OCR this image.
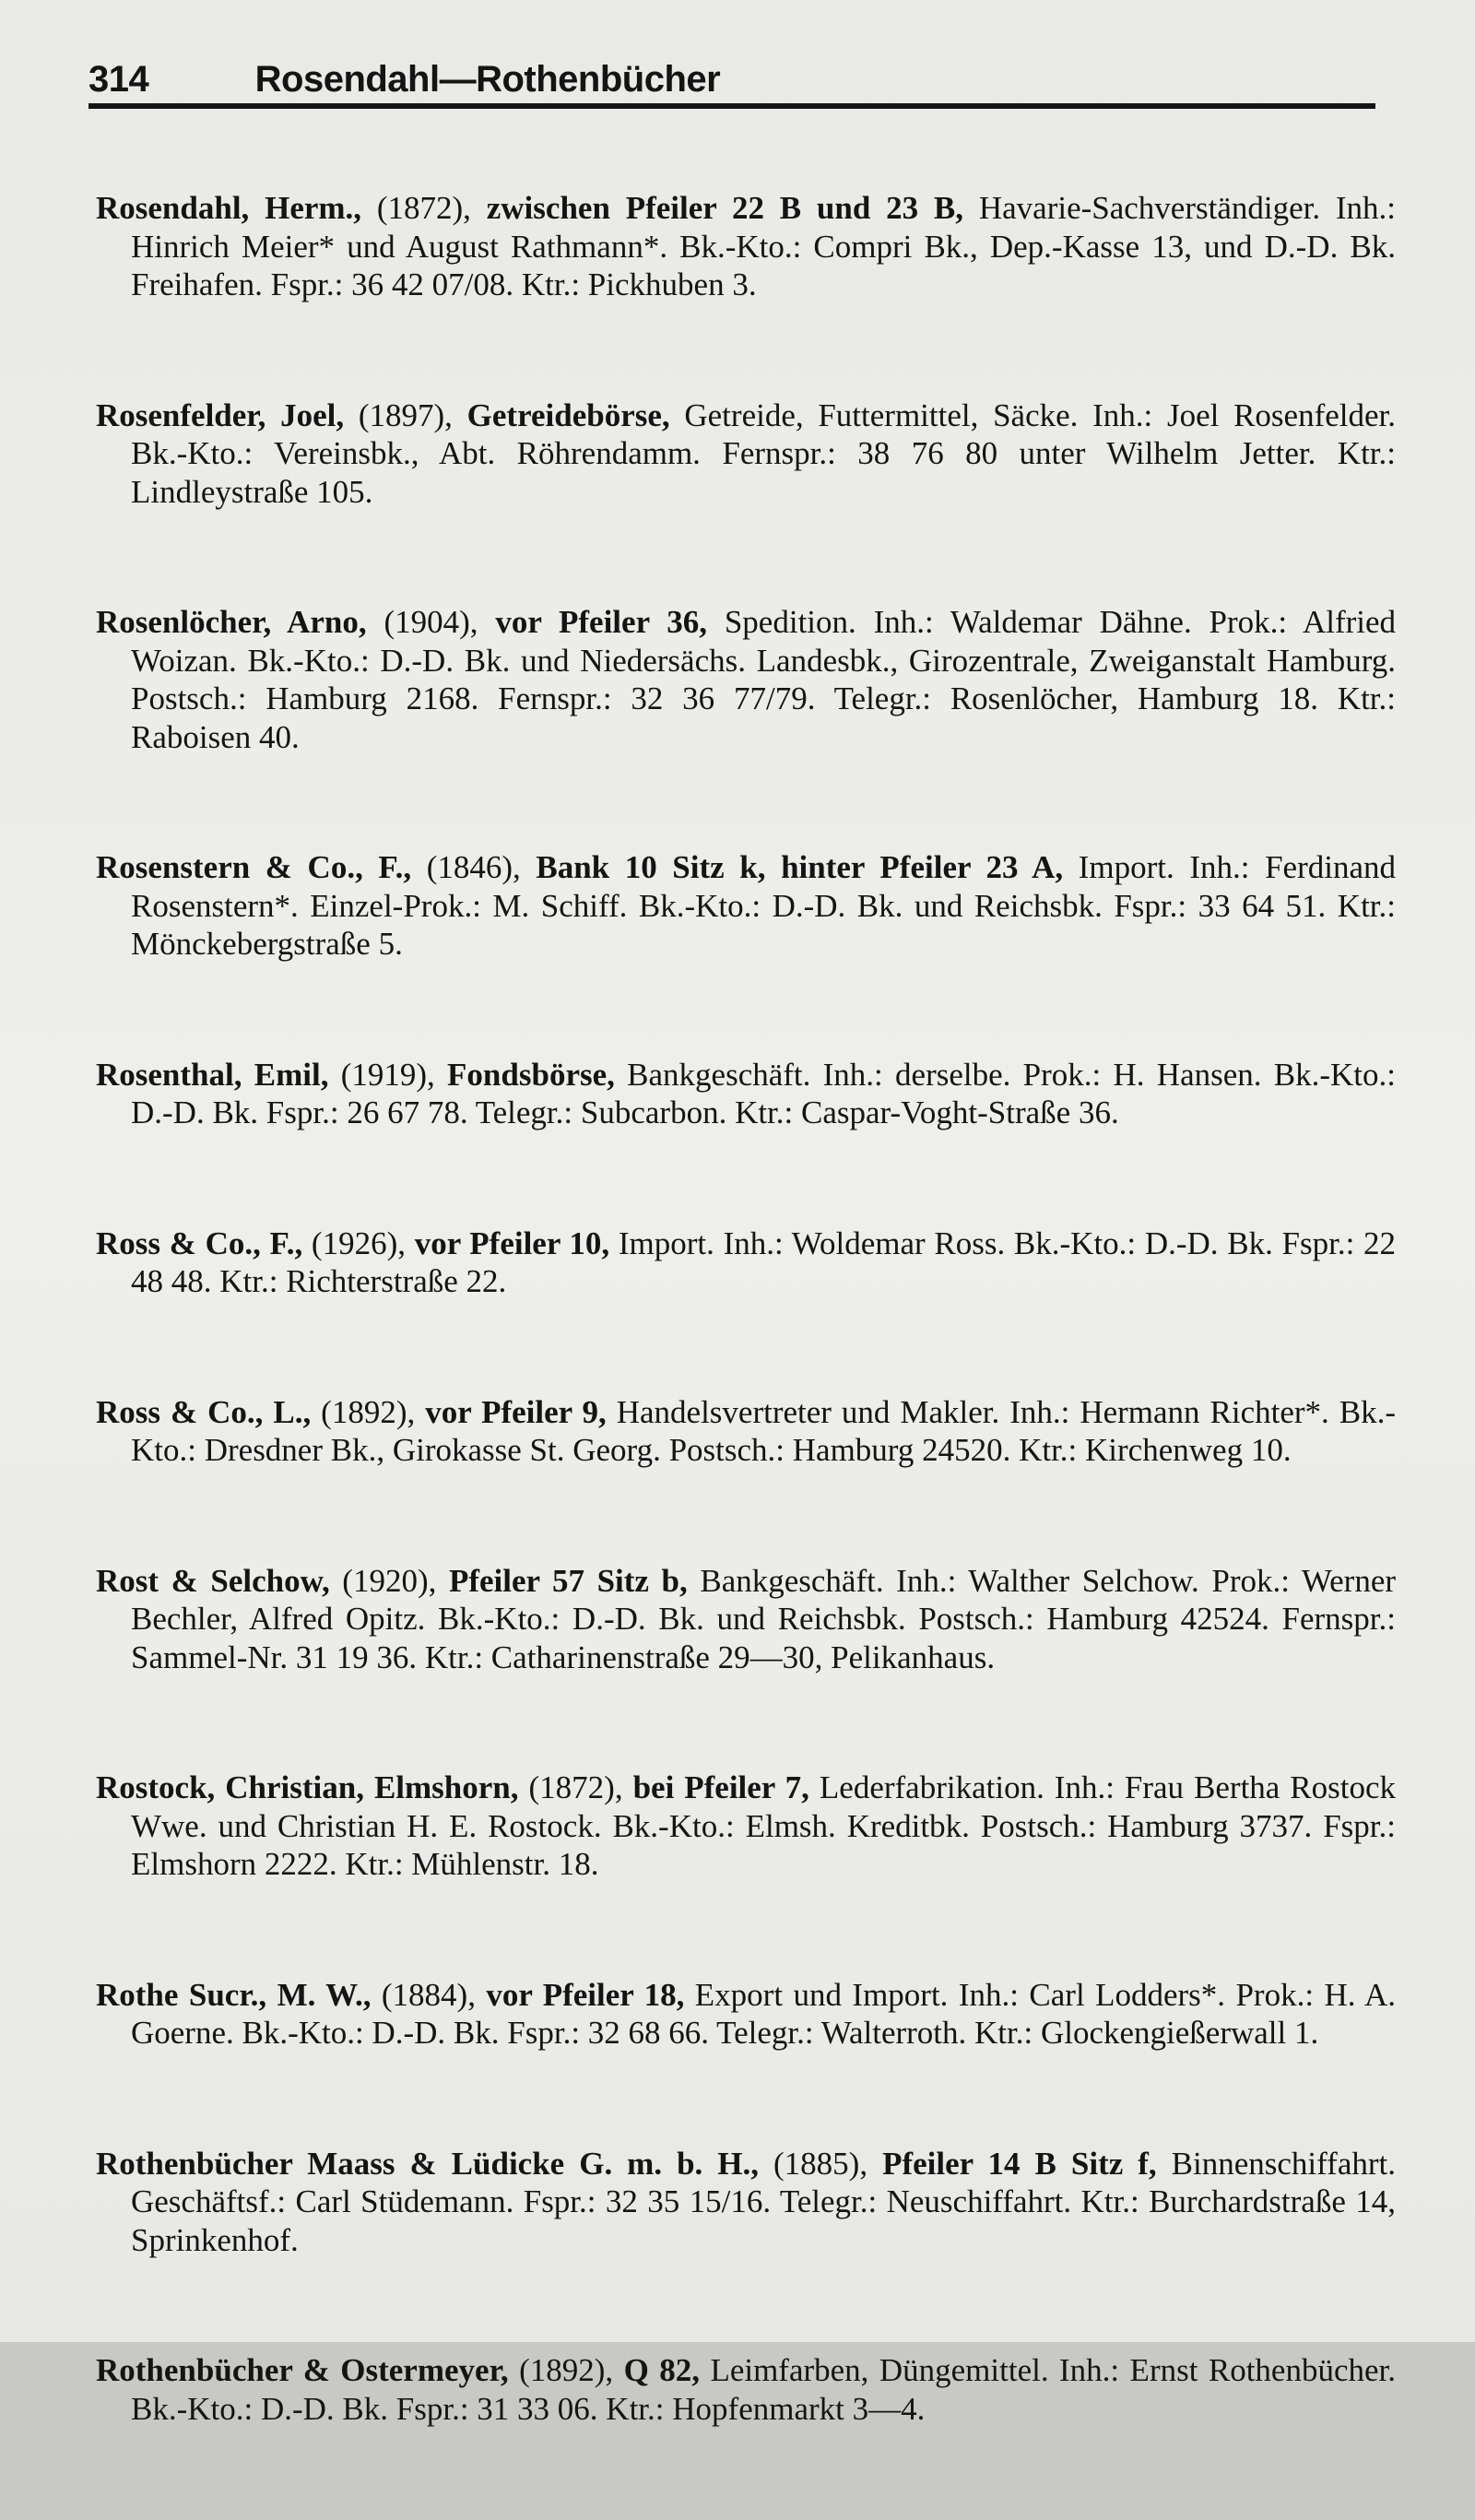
314	Rosendahl—Rothenbücher

Rosendahl, Herm., (1872), zwischen Pfeiler 22 B und 23 B, Havarie-Sachverständiger. Inh.: Hinrich Meier* und August Rathmann*. Bk.-Kto.: Compri Bk., Dep.-Kasse 13, und D.-D. Bk. Freihafen. Fspr.: 36 42 07/08. Ktr.: Pickhuben 3.

Rosenfelder, Joel, (1897), Getreidebörse, Getreide, Futtermittel, Säcke. Inh.: Joel Rosenfelder. Bk.-Kto.: Vereinsbk., Abt. Röhrendamm. Fernspr.: 38 76 80 unter Wilhelm Jetter. Ktr.: Lindleystraße 105.

Rosenlöcher, Arno, (1904), vor Pfeiler 36, Spedition. Inh.: Waldemar Dähne. Prok.: Alfried Woizan. Bk.-Kto.: D.-D. Bk. und Niedersächs. Landesbk., Girozentrale, Zweiganstalt Hamburg. Postsch.: Hamburg 2168. Fernspr.: 32 36 77/79. Telegr.: Rosenlöcher, Hamburg 18. Ktr.: Raboisen 40.

Rosenstern & Co., F., (1846), Bank 10 Sitz k, hinter Pfeiler 23 A, Import. Inh.: Ferdinand Rosenstern*. Einzel-Prok.: M. Schiff. Bk.-Kto.: D.-D. Bk. und Reichsbk. Fspr.: 33 64 51. Ktr.: Mönckebergstraße 5.

Rosenthal, Emil, (1919), Fondsbörse, Bankgeschäft. Inh.: derselbe. Prok.: H. Hansen. Bk.-Kto.: D.-D. Bk. Fspr.: 26 67 78. Telegr.: Subcarbon. Ktr.: Caspar-Voght-Straße 36.

Ross & Co., F., (1926), vor Pfeiler 10, Import. Inh.: Woldemar Ross. Bk.-Kto.: D.-D. Bk. Fspr.: 22 48 48. Ktr.: Richterstraße 22.

Ross & Co., L., (1892), vor Pfeiler 9, Handelsvertreter und Makler. Inh.: Hermann Richter*. Bk.-Kto.: Dresdner Bk., Girokasse St. Georg. Postsch.: Hamburg 24520. Ktr.: Kirchenweg 10.

Rost & Selchow, (1920), Pfeiler 57 Sitz b, Bankgeschäft. Inh.: Walther Selchow. Prok.: Werner Bechler, Alfred Opitz. Bk.-Kto.: D.-D. Bk. und Reichsbk. Postsch.: Hamburg 42524. Fernspr.: Sammel-Nr. 31 19 36. Ktr.: Catharinenstraße 29—30, Pelikanhaus.

Rostock, Christian, Elmshorn, (1872), bei Pfeiler 7, Lederfabrikation. Inh.: Frau Bertha Rostock Wwe. und Christian H. E. Rostock. Bk.-Kto.: Elmsh. Kreditbk. Postsch.: Hamburg 3737. Fspr.: Elmshorn 2222. Ktr.: Mühlenstr. 18.

Rothe Sucr., M. W., (1884), vor Pfeiler 18, Export und Import. Inh.: Carl Lodders*. Prok.: H. A. Goerne. Bk.-Kto.: D.-D. Bk. Fspr.: 32 68 66. Telegr.: Walterroth. Ktr.: Glockengießerwall 1.

Rothenbücher Maass & Lüdicke G. m. b. H., (1885), Pfeiler 14 B Sitz f, Binnenschiffahrt. Geschäftsf.: Carl Stüdemann. Fspr.: 32 35 15/16. Telegr.: Neuschiffahrt. Ktr.: Burchardstraße 14, Sprinkenhof.

Rothenbücher & Ostermeyer, (1892), Q 82, Leimfarben, Düngemittel. Inh.: Ernst Rothenbücher. Bk.-Kto.: D.-D. Bk. Fspr.: 31 33 06. Ktr.: Hopfenmarkt 3—4.
